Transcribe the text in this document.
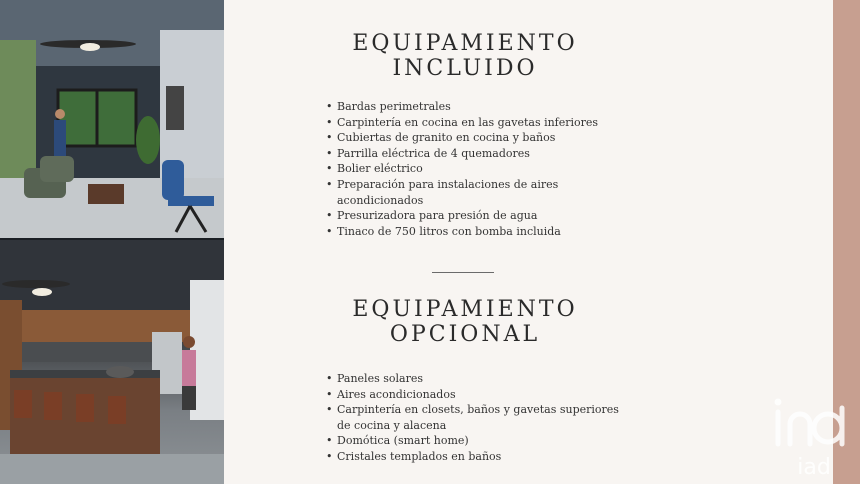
EQUIPAMIENTO
INCLUIDO
• Bardas perimetrales
• Carpintería en cocina en las gavetas inferiores
• Cubiertas de granito en cocina y baños
• Parrilla eléctrica de 4 quemadores
• Bolier eléctrico
• Preparación para instalaciones de aires acondicionados
• Presurizadora para presión de agua
• Tinaco de 750 litros con bomba incluida
EQUIPAMIENTO
OPCIONAL
• Paneles solares
• Aires acondicionados
• Carpintería en closets, baños y gavetas superiores de cocina y alacena
• Domótica (smart home)
• Cristales templados en baños	iad
